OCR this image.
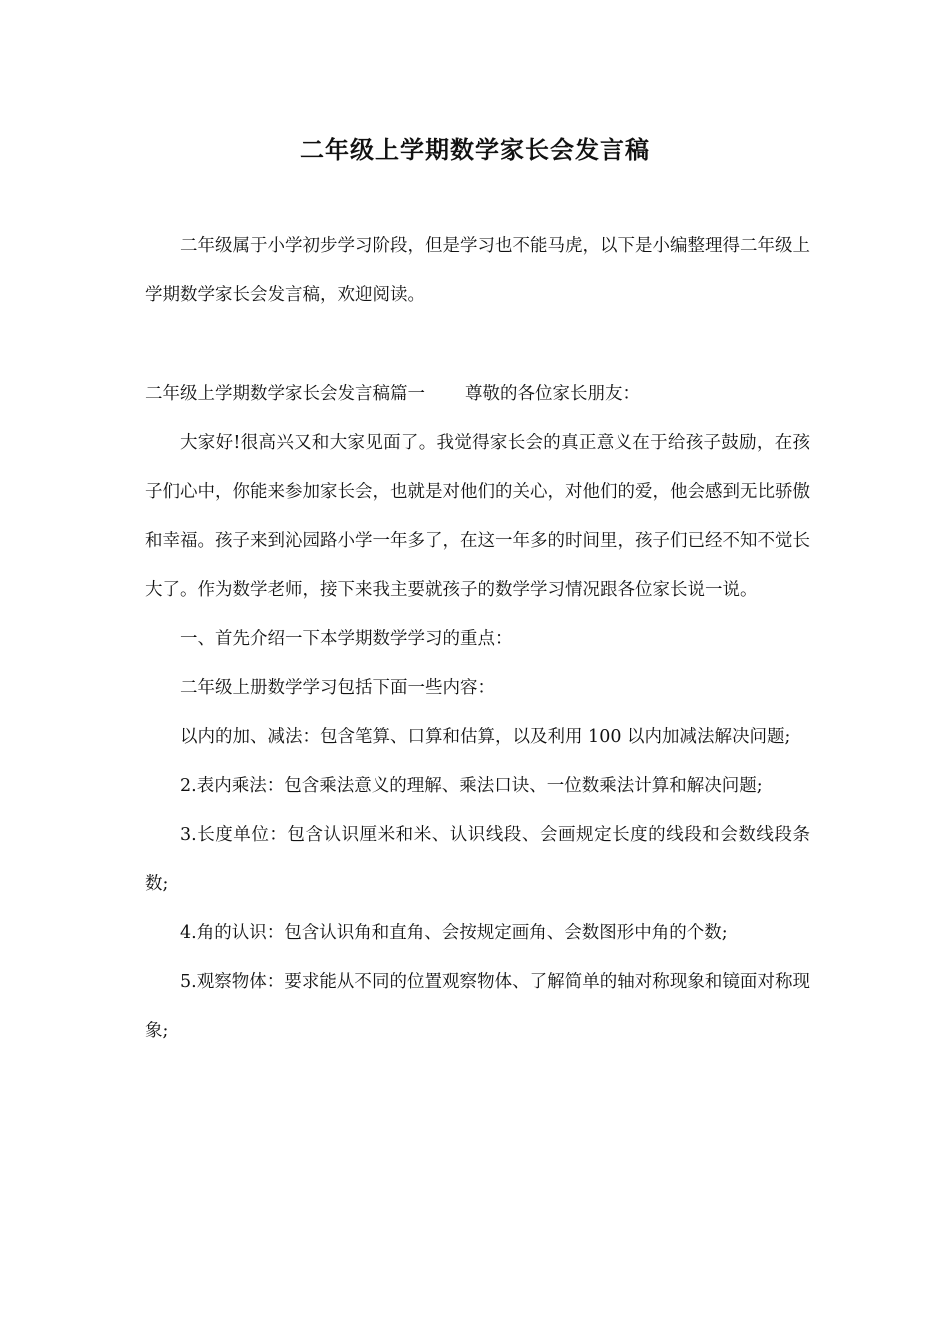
二年级上学期数学家长会发言稿

二年级属于小学初步学习阶段，但是学习也不能马虎，以下是小编整理得二年级上学期数学家长会发言稿，欢迎阅读。

二年级上学期数学家长会发言稿篇一 尊敬的各位家长朋友：

大家好!很高兴又和大家见面了。我觉得家长会的真正意义在于给孩子鼓励，在孩子们心中，你能来参加家长会，也就是对他们的关心，对他们的爱，他会感到无比骄傲和幸福。孩子来到沁园路小学一年多了，在这一年多的时间里，孩子们已经不知不觉长大了。作为数学老师，接下来我主要就孩子的数学学习情况跟各位家长说一说。

一、首先介绍一下本学期数学学习的重点：

二年级上册数学学习包括下面一些内容：

以内的加、减法：包含笔算、口算和估算，以及利用 100 以内加减法解决问题;

2.表内乘法：包含乘法意义的理解、乘法口诀、一位数乘法计算和解决问题;

3.长度单位：包含认识厘米和米、认识线段、会画规定长度的线段和会数线段条数;

4.角的认识：包含认识角和直角、会按规定画角、会数图形中角的个数;

5.观察物体：要求能从不同的位置观察物体、了解简单的轴对称现象和镜面对称现象;
